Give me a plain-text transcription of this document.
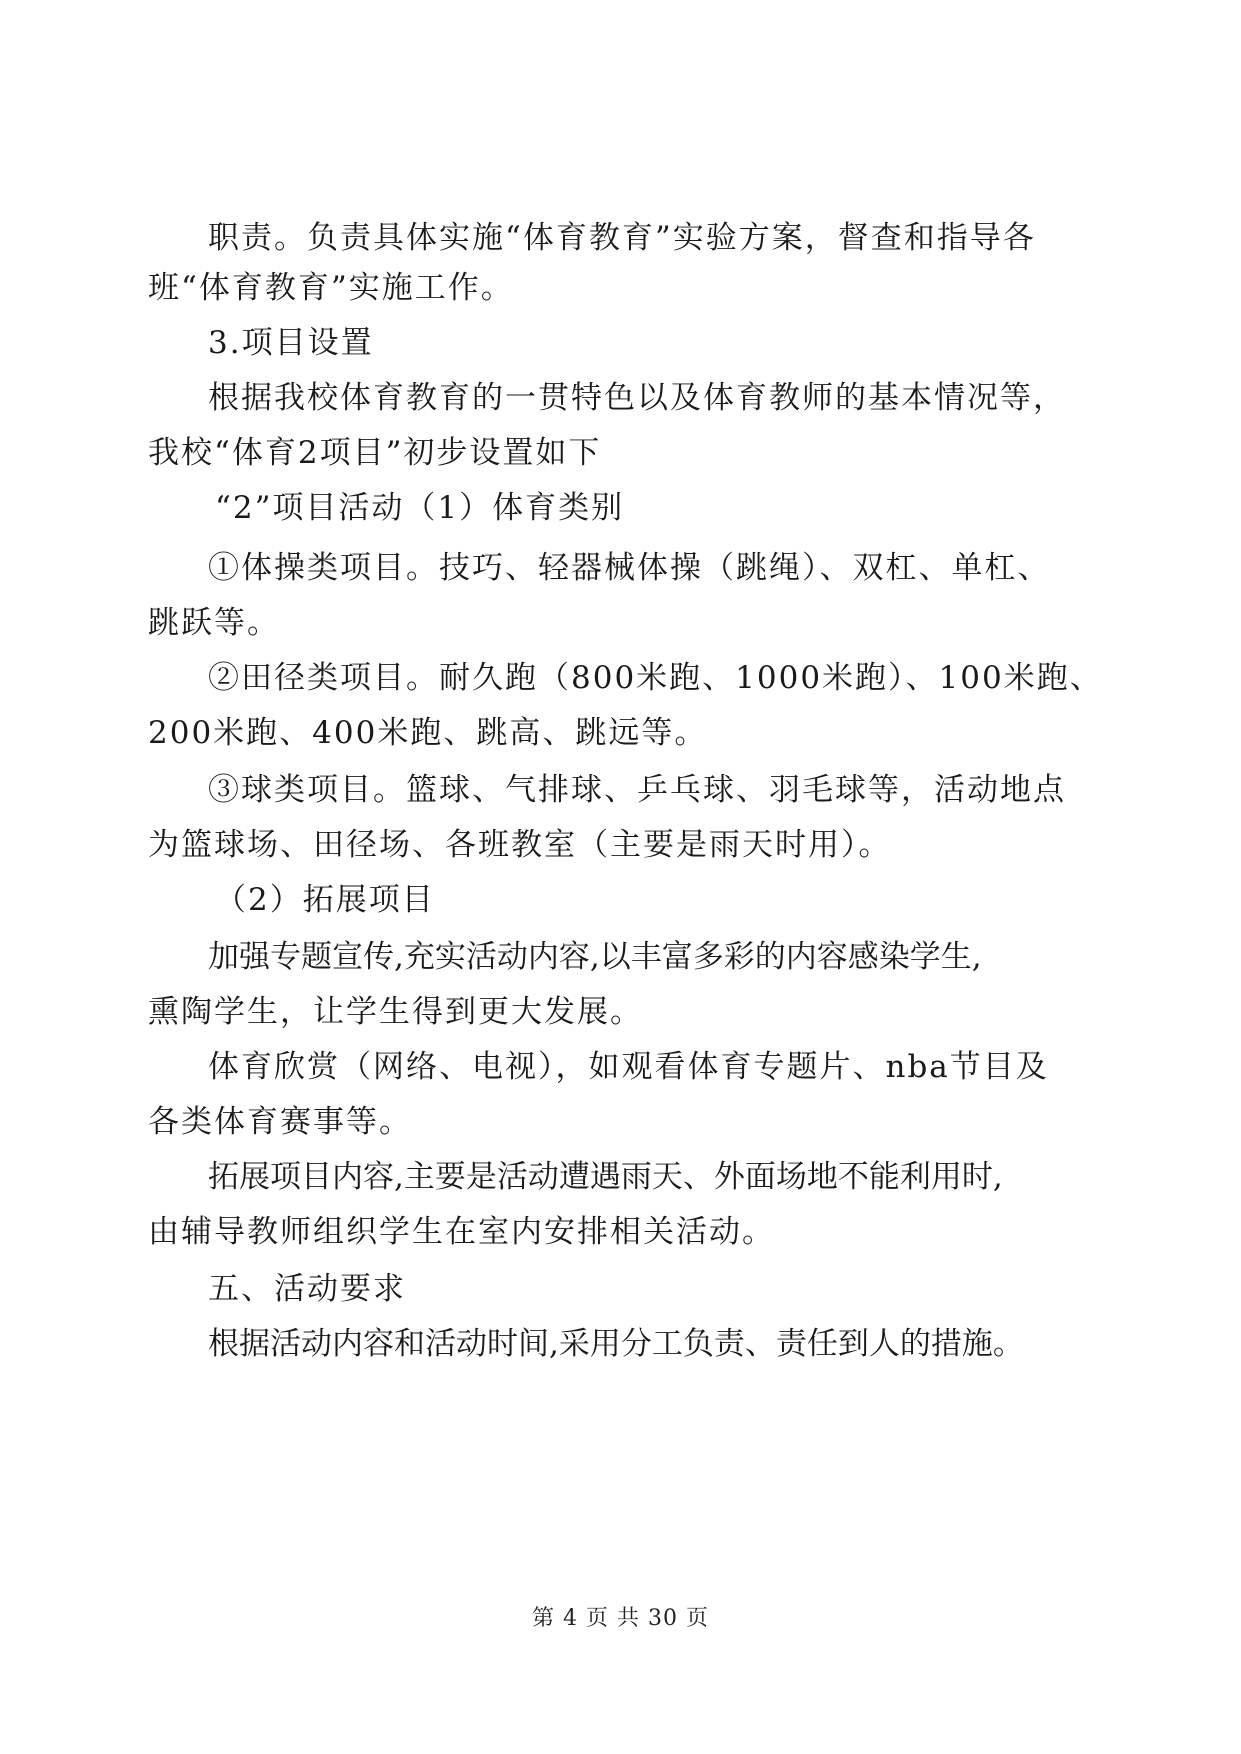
职责。负责具体实施“体育教育”实验方案，督查和指导各
班“体育教育”实施工作。
3.项目设置
根据我校体育教育的一贯特色以及体育教师的基本情况等，
我校“体育2项目”初步设置如下
“2”项目活动（1）体育类别
①体操类项目。技巧、轻器械体操（跳绳）、双杠、单杠、
跳跃等。
②田径类项目。耐久跑（800米跑、1000米跑）、100米跑、
200米跑、400米跑、跳高、跳远等。
③球类项目。篮球、气排球、乒乓球、羽毛球等，活动地点
为篮球场、田径场、各班教室（主要是雨天时用）。
（2）拓展项目
加强专题宣传,充实活动内容,以丰富多彩的内容感染学生,
熏陶学生，让学生得到更大发展。
体育欣赏（网络、电视），如观看体育专题片、nba节目及
各类体育赛事等。
拓展项目内容,主要是活动遭遇雨天、外面场地不能利用时,
由辅导教师组织学生在室内安排相关活动。
五、活动要求
根据活动内容和活动时间,采用分工负责、责任到人的措施。
第 4 页 共 30 页
